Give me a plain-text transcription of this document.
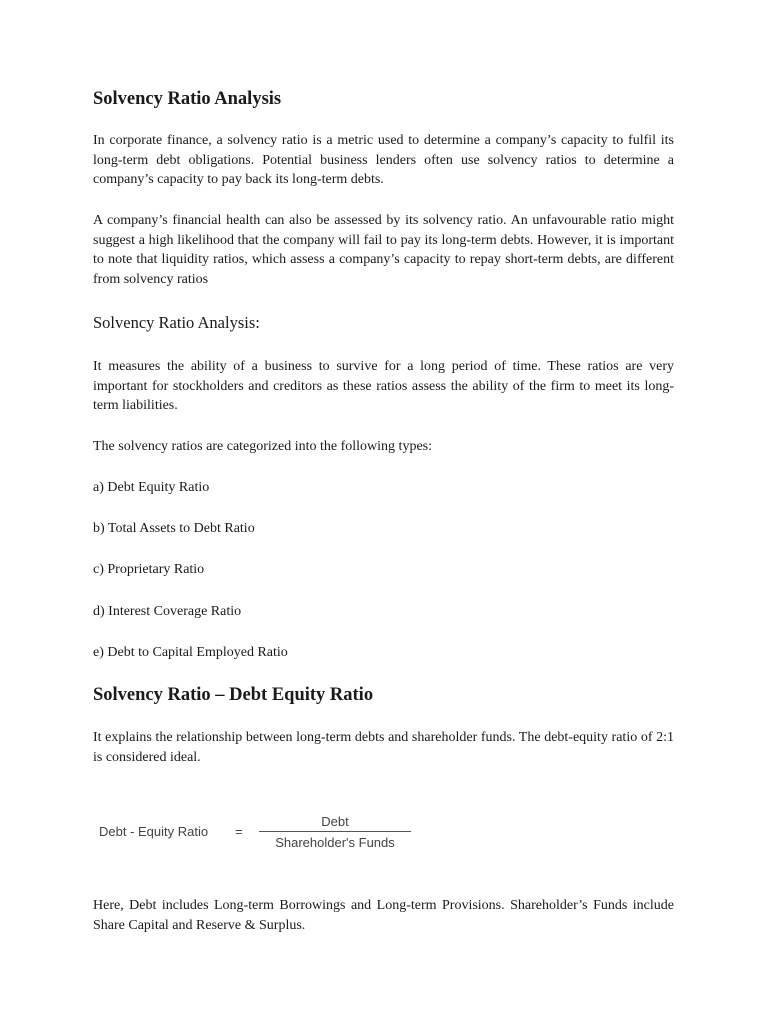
Solvency Ratio Analysis

In corporate finance, a solvency ratio is a metric used to determine a company’s capacity to fulfil its long-term debt obligations. Potential business lenders often use solvency ratios to determine a company’s capacity to pay back its long-term debts.

A company’s financial health can also be assessed by its solvency ratio. An unfavourable ratio might suggest a high likelihood that the company will fail to pay its long-term debts. However, it is important to note that liquidity ratios, which assess a company’s capacity to repay short-term debts, are different from solvency ratios

Solvency Ratio Analysis:

It measures the ability of a business to survive for a long period of time. These ratios are very important for stockholders and creditors as these ratios assess the ability of the firm to meet its long-term liabilities.

The solvency ratios are categorized into the following types:

a) Debt Equity Ratio

b) Total Assets to Debt Ratio

c) Proprietary Ratio

d) Interest Coverage Ratio

e) Debt to Capital Employed Ratio

Solvency Ratio – Debt Equity Ratio

It explains the relationship between long-term debts and shareholder funds. The debt-equity ratio of 2:1 is considered ideal.

Debt - Equity Ratio =
Debt
Shareholder's Funds

Here, Debt includes Long-term Borrowings and Long-term Provisions. Shareholder’s Funds include Share Capital and Reserve & Surplus.
